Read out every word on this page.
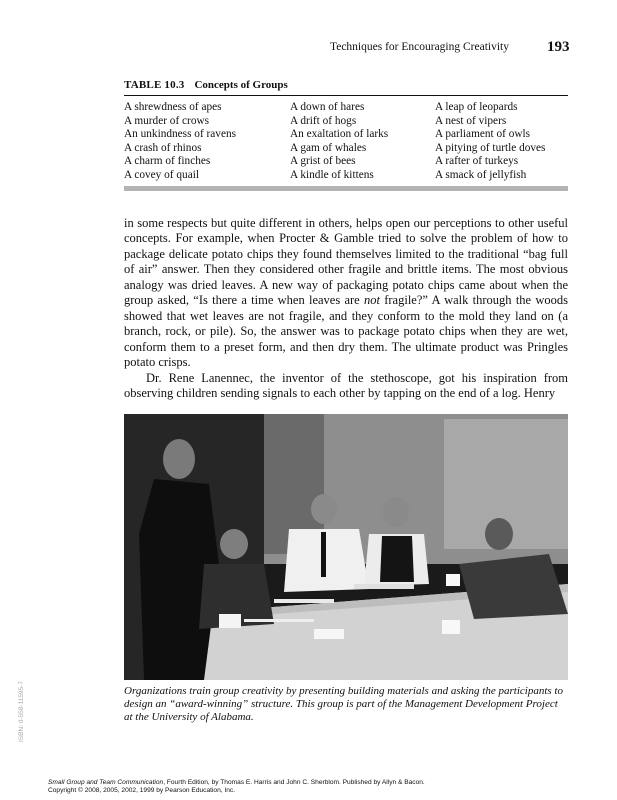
Techniques for Encouraging Creativity	193
TABLE 10.3 Concepts of Groups
A shrewdness of apes
A murder of crows
An unkindness of ravens
A crash of rhinos
A charm of finches
A covey of quail
A down of hares
A drift of hogs
An exaltation of larks
A gam of whales
A grist of bees
A kindle of kittens
A leap of leopards
A nest of vipers
A parliament of owls
A pitying of turtle doves
A rafter of turkeys
A smack of jellyfish

in some respects but quite different in others, helps open our perceptions to other useful concepts. For example, when Procter & Gamble tried to solve the problem of how to package delicate potato chips they found themselves limited to the traditional “bag full of air” answer. Then they considered other fragile and brittle items. The most obvious analogy was dried leaves. A new way of packaging potato chips came about when the group asked, “Is there a time when leaves are not fragile?” A walk through the woods showed that wet leaves are not fragile, and they conform to the mold they land on (a branch, rock, or pile). So, the answer was to package potato chips when they are wet, conform them to a preset form, and then dry them. The ultimate product was Pringles potato crisps.

Dr. Rene Lanennec, the inventor of the stethoscope, got his inspiration from observing children sending signals to each other by tapping on the end of a log. Henry

Organizations train group creativity by presenting building materials and asking the participants to design an “award-winning” structure. This group is part of the Management Development Project at the University of Alabama.
ISBN: 0-558-11595-7
Small Group and Team Communication, Fourth Edition, by Thomas E. Harris and John C. Sherblom. Published by Allyn & Bacon.
Copyright © 2008, 2005, 2002, 1999 by Pearson Education, Inc.
